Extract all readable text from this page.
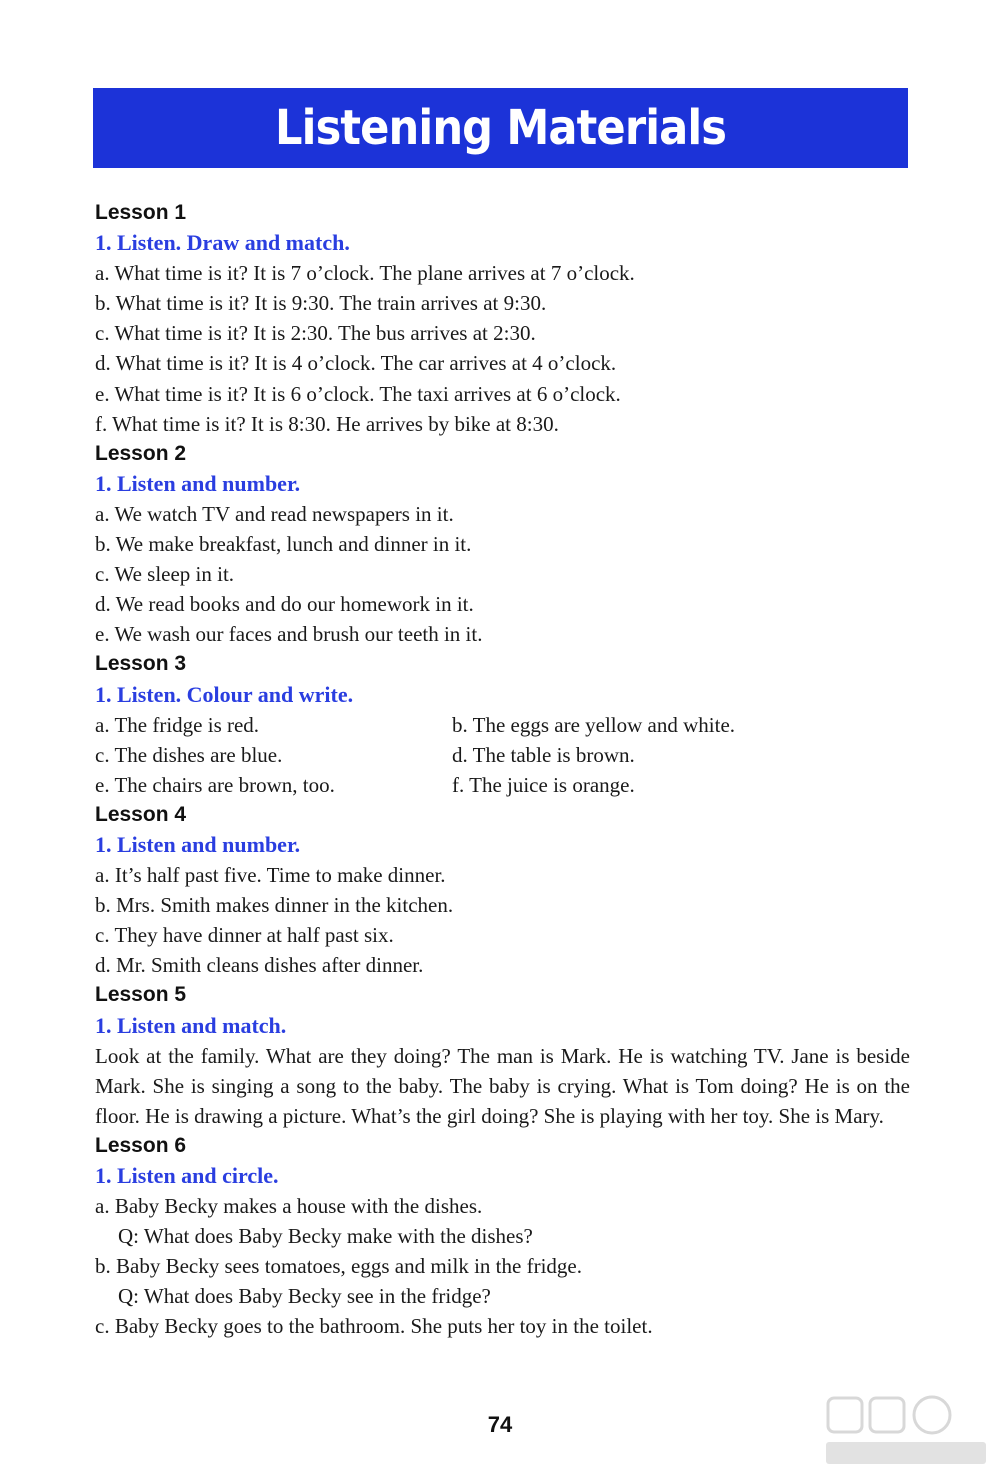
Listening Materials
Lesson 1
1. Listen. Draw and match.
a. What time is it? It is 7 o’clock. The plane arrives at 7 o’clock.
b. What time is it? It is 9:30. The train arrives at 9:30.
c. What time is it? It is 2:30. The bus arrives at 2:30.
d. What time is it? It is 4 o’clock. The car arrives at 4 o’clock.
e. What time is it? It is 6 o’clock. The taxi arrives at 6 o’clock.
f. What time is it? It is 8:30. He arrives by bike at 8:30.
Lesson 2
1. Listen and number.
a. We watch TV and read newspapers in it.
b. We make breakfast, lunch and dinner in it.
c. We sleep in it.
d. We read books and do our homework in it.
e. We wash our faces and brush our teeth in it.
Lesson 3
1. Listen. Colour and write.
a. The fridge is red.	b. The eggs are yellow and white.
c. The dishes are blue.	d. The table is brown.
e. The chairs are brown, too.	f. The juice is orange.
Lesson 4
1. Listen and number.
a. It’s half past five. Time to make dinner.
b. Mrs. Smith makes dinner in the kitchen.
c. They have dinner at half past six.
d. Mr. Smith cleans dishes after dinner.
Lesson 5
1. Listen and match.
Look at the family. What are they doing? The man is Mark. He is watching TV. Jane is beside Mark. She is singing a song to the baby. The baby is crying. What is Tom doing? He is on the floor. He is drawing a picture. What’s the girl doing? She is playing with her toy. She is Mary.
Lesson 6
1. Listen and circle.
a. Baby Becky makes a house with the dishes.
Q: What does Baby Becky make with the dishes?
b. Baby Becky sees tomatoes, eggs and milk in the fridge.
Q: What does Baby Becky see in the fridge?
c. Baby Becky goes to the bathroom. She puts her toy in the toilet.
74
